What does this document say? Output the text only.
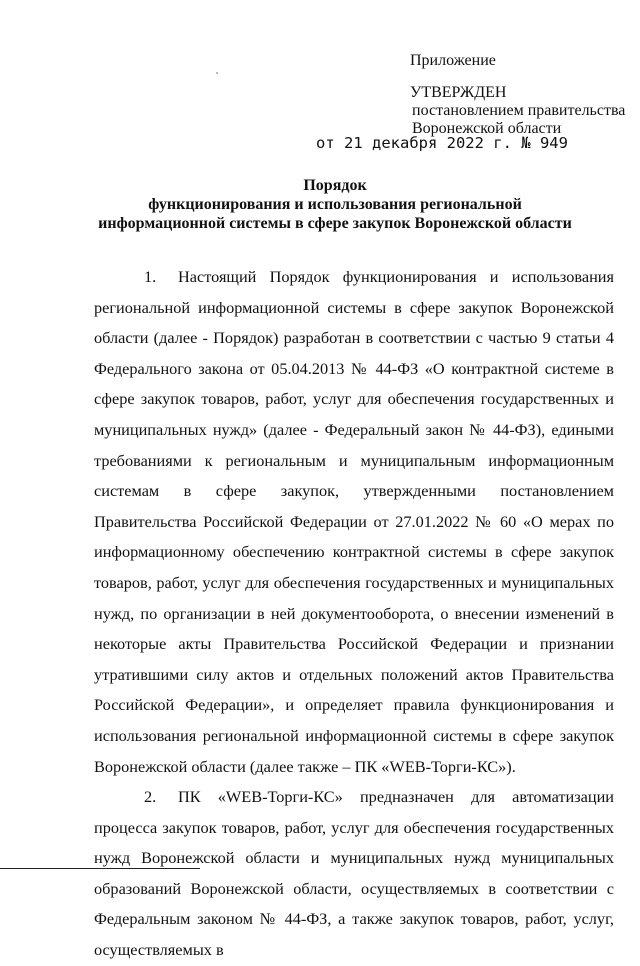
Приложение
УТВЕРЖДЕН
постановлением правительства
Воронежской области
от 21 декабря 2022 г. № 949
Порядок
функционирования и использования региональной
информационной системы в сфере закупок Воронежской области

1. Настоящий Порядок функционирования и использования региональной информационной системы в сфере закупок Воронежской области (далее - Порядок) разработан в соответствии с частью 9 статьи 4 Федерального закона от 05.04.2013 № 44-ФЗ «О контрактной системе в сфере закупок товаров, работ, услуг для обеспечения государственных и муниципальных нужд» (далее - Федеральный закон № 44-ФЗ), едиными требованиями к региональным и муниципальным информационным системам в сфере закупок, утвержденными постановлением Правительства Российской Федерации от 27.01.2022 № 60 «О мерах по информационному обеспечению контрактной системы в сфере закупок товаров, работ, услуг для обеспечения государственных и муниципальных нужд, по организации в ней документооборота, о внесении изменений в некоторые акты Правительства Российской Федерации и признании утратившими силу актов и отдельных положений актов Правительства Российской Федерации», и определяет правила функционирования и использования региональной информационной системы в сфере закупок Воронежской области (далее также – ПК «WEB-Торги-КС»).

2. ПК «WEB-Торги-КС» предназначен для автоматизации процесса закупок товаров, работ, услуг для обеспечения государственных нужд Воронежской области и муниципальных нужд муниципальных образований Воронежской области, осуществляемых в соответствии с Федеральным законом № 44-ФЗ, а также закупок товаров, работ, услуг, осуществляемых в
